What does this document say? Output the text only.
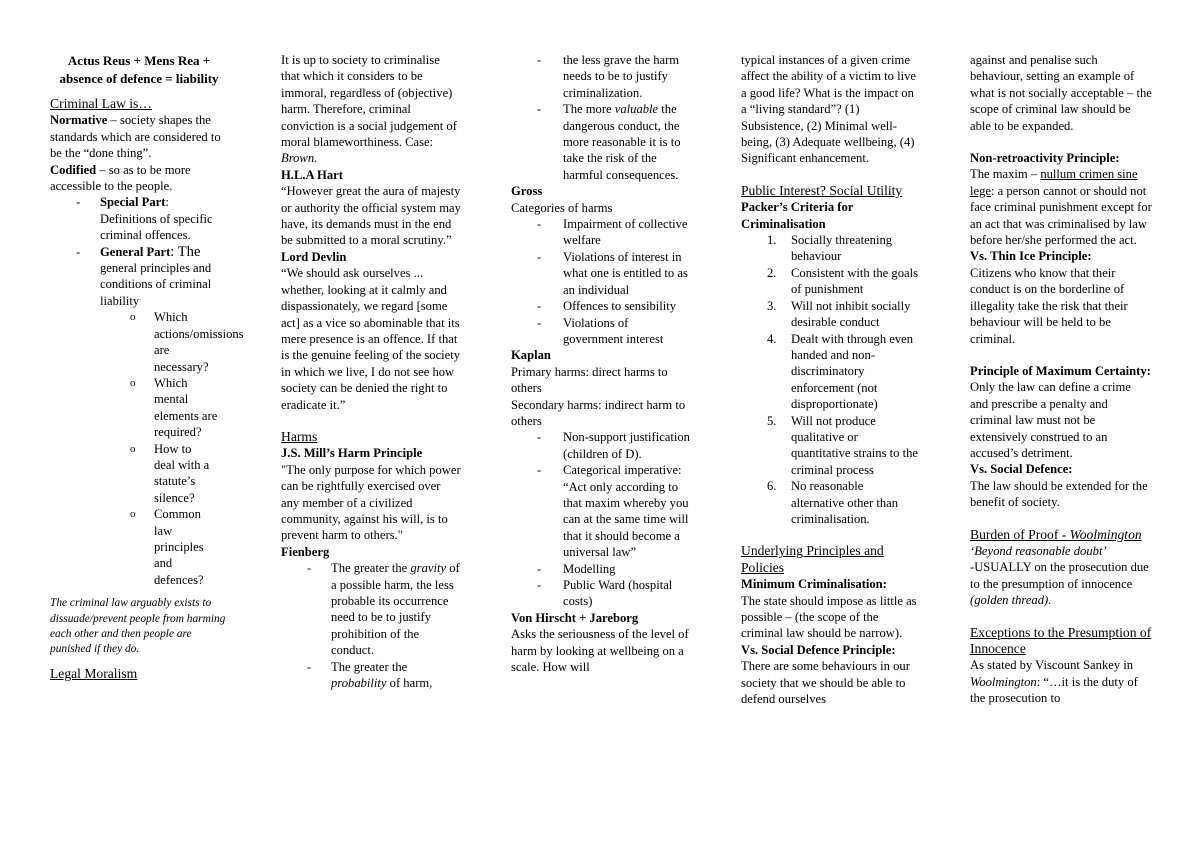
Actus Reus + Mens Rea + absence of defence = liability

Criminal Law is…

Normative – society shapes the standards which are considered to be the “done thing”.

Codified – so as to be more accessible to the people.

- Special Part: Definitions of specific criminal offences.
- General Part: The general principles and conditions of criminal liability
o Which actions/omissions are necessary?
o Which mental elements are required?
o How to deal with a statute’s silence?
o Common law principles and defences?

The criminal law arguably exists to dissuade/prevent people from harming each other and then people are punished if they do.

Legal Moralism

It is up to society to criminalise that which it considers to be immoral, regardless of (objective) harm. Therefore, criminal conviction is a social judgement of moral blameworthiness. Case:

Brown.

H.L.A Hart

“However great the aura of majesty or authority the official system may have, its demands must in the end be submitted to a moral scrutiny.”

Lord Devlin

“We should ask ourselves ... whether, looking at it calmly and dispassionately, we regard [some act] as a vice so abominable that its mere presence is an offence. If that is the genuine feeling of the society in which we live, I do not see how society can be denied the right to eradicate it.”

Harms

J.S. Mill’s Harm Principle

"The only purpose for which power can be rightfully exercised over any member of a civilized community, against his will, is to prevent harm to others."

Fienberg

- The greater the gravity of a possible harm, the less probable its occurrence need to be to justify prohibition of the conduct.
- The greater the probability of harm,
- the less grave the harm needs to be to justify criminalization.
- The more valuable the dangerous conduct, the more reasonable it is to take the risk of the harmful consequences.

Gross

Categories of harms

- Impairment of collective welfare
- Violations of interest in what one is entitled to as an individual
- Offences to sensibility
- Violations of government interest

Kaplan

Primary harms: direct harms to others

Secondary harms: indirect harm to others

- Non-support justification (children of D).
- Categorical imperative: “Act only according to that maxim whereby you can at the same time will that it should become a universal law”
- Modelling
- Public Ward (hospital costs)

Von Hirscht + Jareborg

Asks the seriousness of the level of harm by looking at wellbeing on a scale. How will

typical instances of a given crime affect the ability of a victim to live a good life? What is the impact on a “living standard”? (1) Subsistence, (2) Minimal well-being, (3) Adequate wellbeing, (4) Significant enhancement.

Public Interest? Social Utility

Packer’s Criteria for Criminalisation

1. Socially threatening behaviour
2. Consistent with the goals of punishment
3. Will not inhibit socially desirable conduct
4. Dealt with through even handed and non-discriminatory enforcement (not disproportionate)
5. Will not produce qualitative or quantitative strains to the criminal process
6. No reasonable alternative other than criminalisation.
Underlying Principles and Policies

Minimum Criminalisation:

The state should impose as little as possible – (the scope of the criminal law should be narrow).

Vs. Social Defence Principle:

There are some behaviours in our society that we should be able to defend ourselves

against and penalise such behaviour, setting an example of what is not socially acceptable – the scope of criminal law should be able to be expanded.

Non-retroactivity Principle:

The maxim – nullum crimen sine lege: a person cannot or should not face criminal punishment except for an act that was criminalised by law before her/she performed the act.

Vs. Thin Ice Principle:

Citizens who know that their conduct is on the borderline of illegality take the risk that their behaviour will be held to be criminal.

Principle of Maximum Certainty:

Only the law can define a crime and prescribe a penalty and criminal law must not be extensively construed to an accused’s detriment.

Vs. Social Defence:

The law should be extended for the benefit of society.

Burden of Proof - Woolmington

‘Beyond reasonable doubt’

-USUALLY on the prosecution due to the presumption of innocence (golden thread).

Exceptions to the Presumption of Innocence

As stated by Viscount Sankey in Woolmington: “…it is the duty of the prosecution to
